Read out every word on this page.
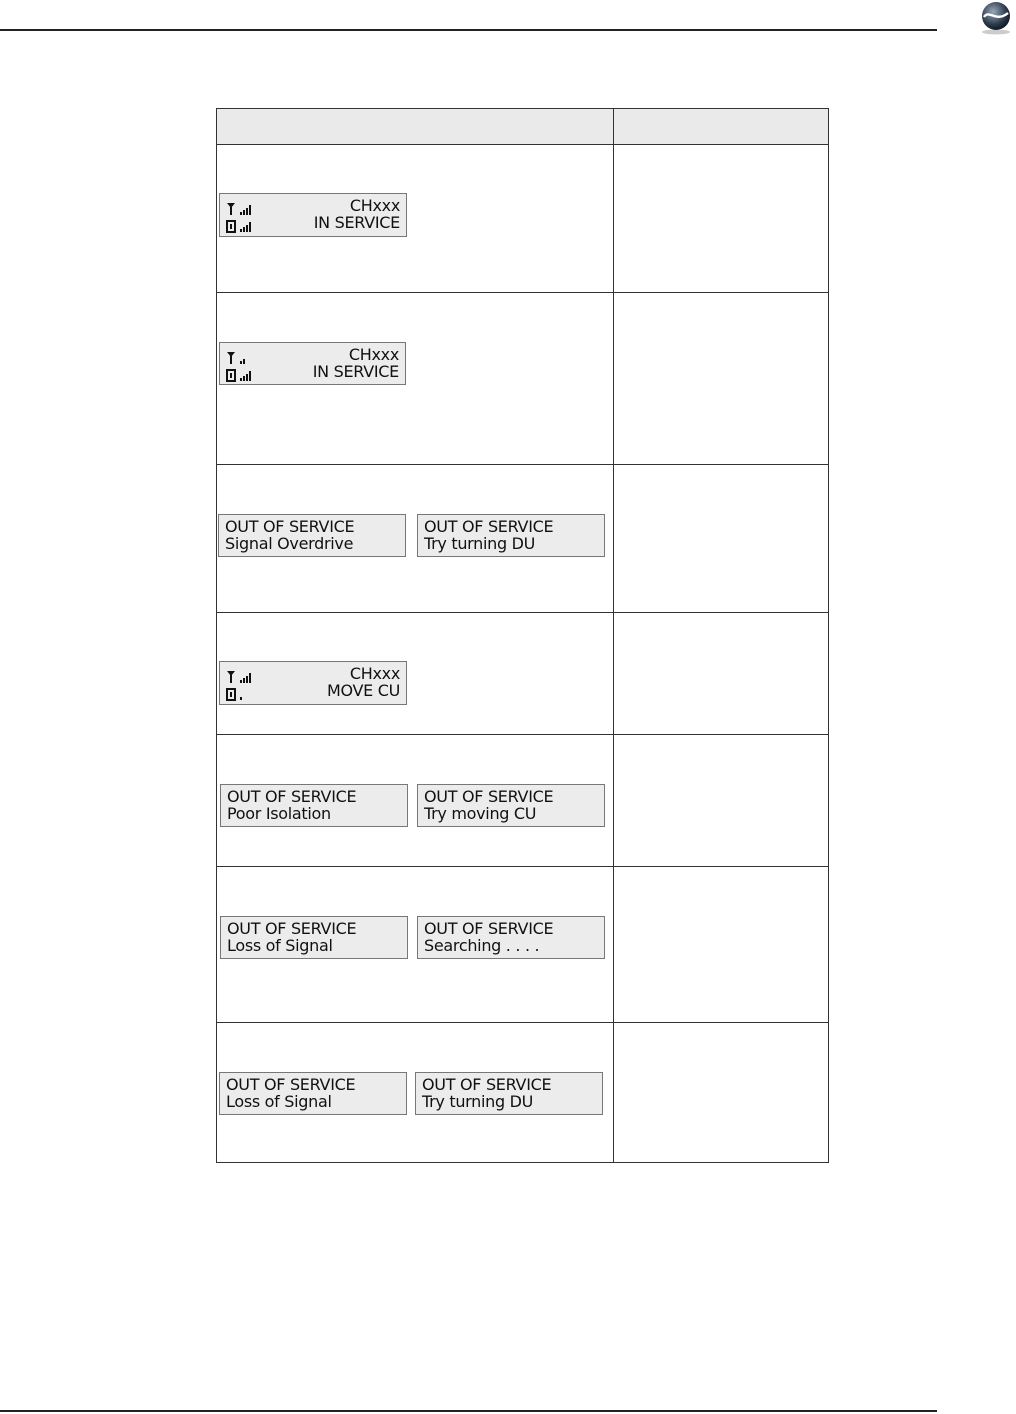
CHxxx
IN SERVICE	

CHxxx
IN SERVICE	

OUT OF SERVICE
Signal Overdrive
OUT OF SERVICE
Try turning DU	

CHxxx
MOVE CU	

OUT OF SERVICE
Poor Isolation
OUT OF SERVICE
Try moving CU	

OUT OF SERVICE
Loss of Signal
OUT OF SERVICE
Searching . . . .	

OUT OF SERVICE
Loss of Signal
OUT OF SERVICE
Try turning DU	
